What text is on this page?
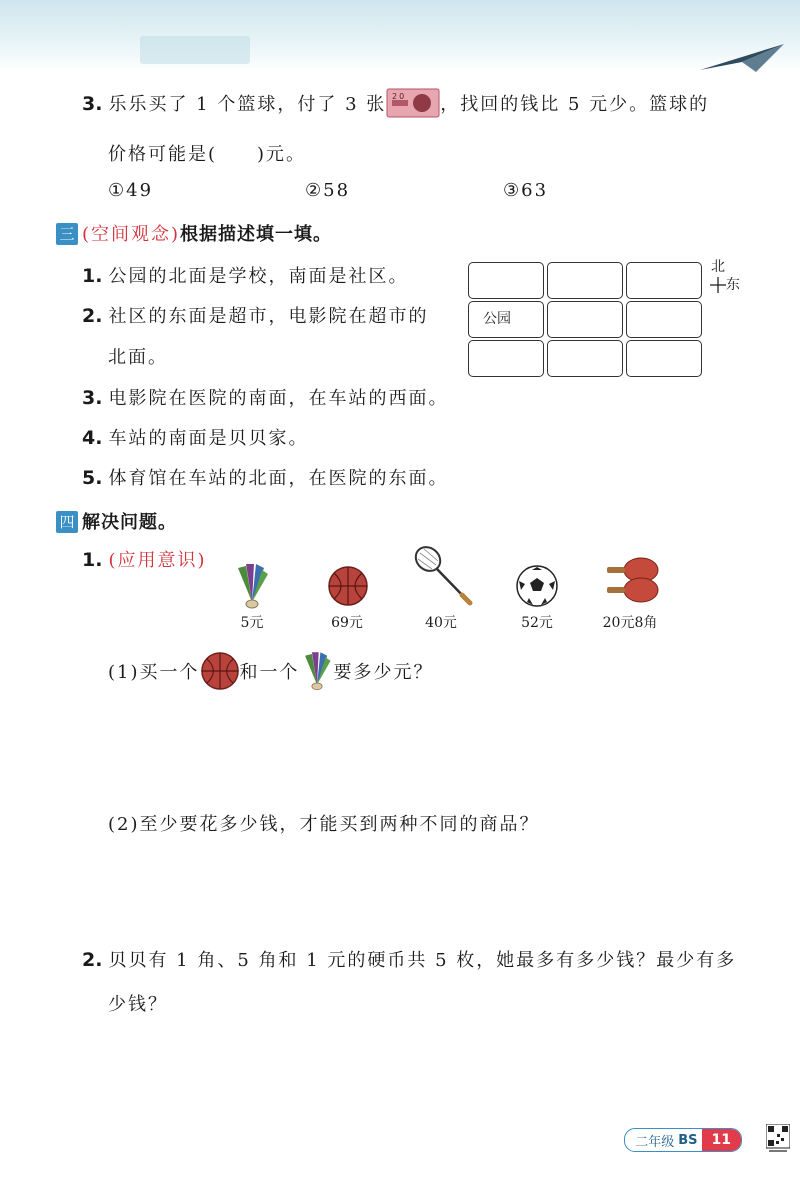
3. 乐乐买了 1 个篮球，付了 3 张 20 ，找回的钱比 5 元少。篮球的
价格可能是(　　)元。
①49	②58	③63
三 (空间观念)根据描述填一填。
1. 公园的北面是学校，南面是社区。
2. 社区的东面是超市，电影院在超市的
北面。
3. 电影院在医院的南面，在车站的西面。
4. 车站的南面是贝贝家。
5. 体育馆在车站的北面，在医院的东面。
公园
北
东
四 解决问题。
1. (应用意识)
5元	69元	40元	52元	20元8角
(1)买一个 和一个 要多少元？
(2)至少要花多少钱，才能买到两种不同的商品？
2. 贝贝有 1 角、5 角和 1 元的硬币共 5 枚，她最多有多少钱？最少有多
少钱？
二年级 BS	11
